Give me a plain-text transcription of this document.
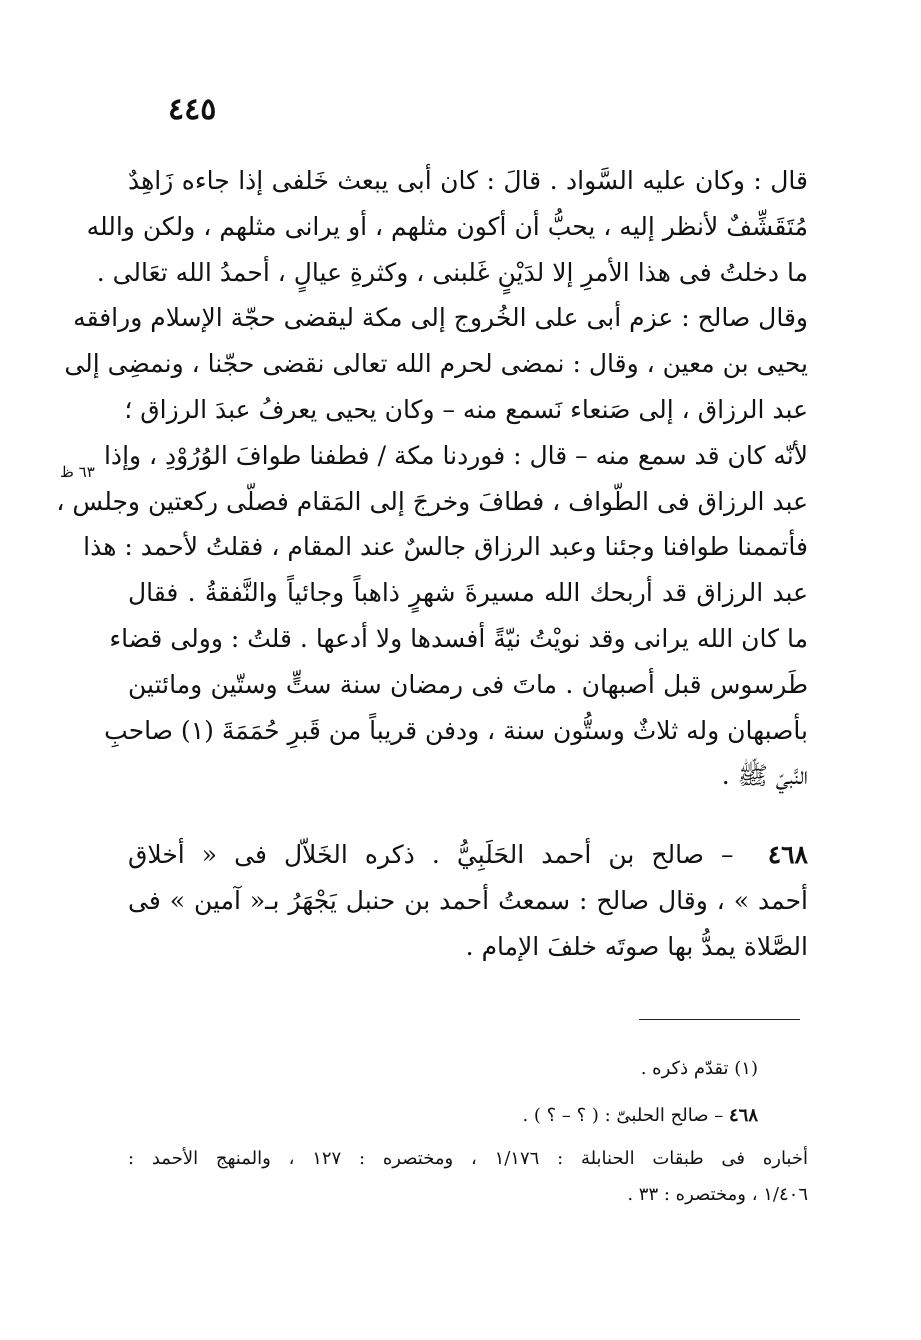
٤٤٥
٦٣ ظ
قال : وكان عليه السَّواد . قالَ : كان أبى يبعث خَلفى إذا جاءه زَاهِدٌ
مُتَقَشِّفٌ لأنظر إليه ، يحبُّ أن أكون مثلهم ، أو يرانى مثلهم ، ولكن والله
ما دخلتُ فى هذا الأمرِ إلا لدَيْنٍ غَلبنى ، وكثرةِ عيالٍ ، أحمدُ الله تعَالى .
وقال صالح : عزم أبى على الخُروج إلى مكة ليقضى حجّة الإسلام ورافقه
يحيى بن معين ، وقال : نمضى لحرم الله تعالى نقضى حجّنا ، ونمضِى إلى
عبد الرزاق ، إلى صَنعاء نَسمع منه – وكان يحيى يعرفُ عبدَ الرزاق ؛
لأنّه كان قد سمع منه – قال : فوردنا مكة / فطفنا طوافَ الوُرُوْدِ ، وإذا
عبد الرزاق فى الطّواف ، فطافَ وخرجَ إلى المَقام فصلّى ركعتين وجلس ،
فأتممنا طوافنا وجئنا وعبد الرزاق جالسٌ عند المقام ، فقلتُ لأحمد : هذا
عبد الرزاق قد أربحك الله مسيرةَ شهرٍ ذاهباً وجائياً والنَّفقةُ . فقال
ما كان الله يرانى وقد نويْتُ نيّةً أفسدها ولا أدعها . قلتُ : وولى قضاء
طَرسوس قبل أصبهان . ماتَ فى رمضان سنة ستٍّ وستّين ومائتين
بأصبهان وله ثلاثٌ وستُّون سنة ، ودفن قريباً من قَبرِ حُمَمَةَ (١) صاحبِ
النَّبيّ ﷺ .
٤٦٨  – صالح بن أحمد الحَلَبِيُّ . ذكره الخَلاّل فى « أخلاق
أحمد » ، وقال صالح : سمعتُ أحمد بن حنبل يَجْهَرُ بـ« آمين » فى
الصَّلاة يمدُّ بها صوتَه خلفَ الإمام .
(١) تقدّم ذكره .
٤٦٨ – صالح الحلبىّ : ( ؟ – ؟ ) .
أخباره فى طبقات الحنابلة : ١/١٧٦ ، ومختصره : ١٢٧ ، والمنهج الأحمد :
١/٤٠٦ ، ومختصره : ٣٣ .
